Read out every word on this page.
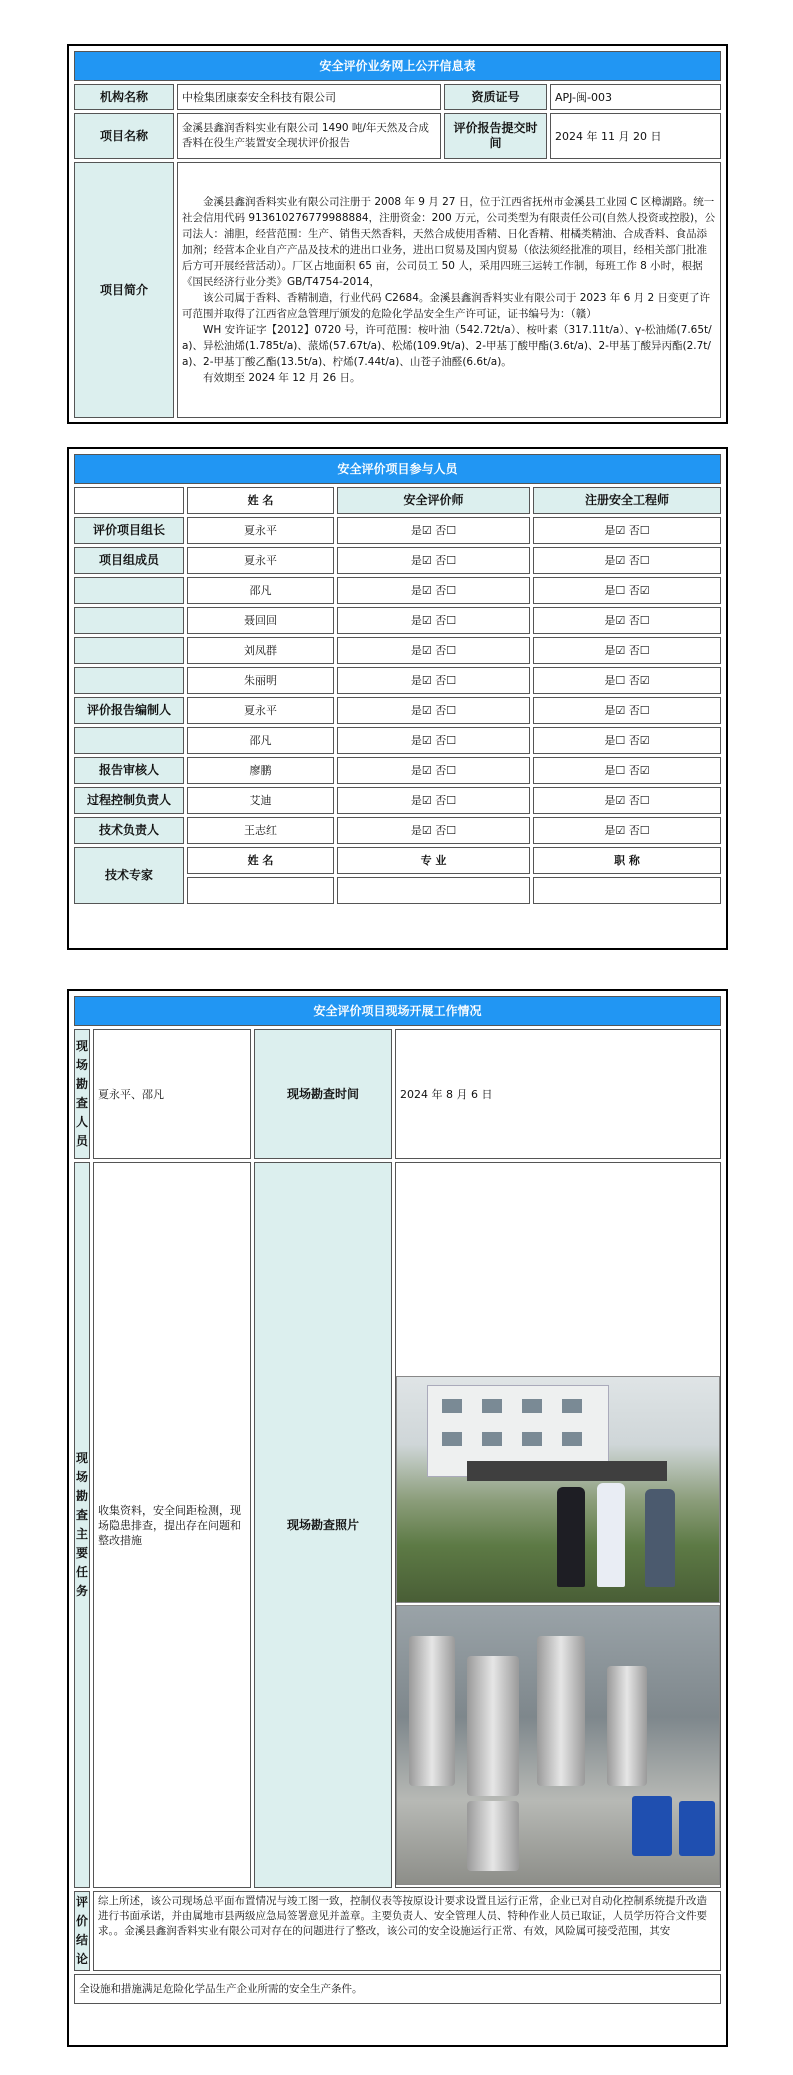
安全评价业务网上公开信息表			
机构名称	中检集团康泰安全科技有限公司	资质证号	APJ-闽-003
项目名称	金溪县鑫润香料实业有限公司 1490 吨/年天然及合成香料在役生产装置安全现状评价报告	评价报告提交时间	2024 年 11 月 20 日
项目简介	金溪县鑫润香料实业有限公司注册于 2008 年 9 月 27 日，位于江西省抚州市金溪县工业园 C 区樟湖路。统一社会信用代码 913610276779988884，注册资金：200 万元，公司类型为有限责任公司(自然人投资或控股)，公司法人：浦胆，经营范围：生产、销售天然香料，天然合成使用香精、日化香精、柑橘类精油、合成香料、食品添加剂；经营本企业自产产品及技术的进出口业务，进出口贸易及国内贸易（依法须经批准的项目，经相关部门批准后方可开展经营活动）。厂区占地面积 65 亩，公司员工 50 人，采用四班三运转工作制，每班工作 8 小时，根据《国民经济行业分类》GB/T4754-2014，

该公司属于香料、香精制造，行业代码 C2684。金溪县鑫润香料实业有限公司于 2023 年 6 月 2 日变更了许可范围并取得了江西省应急管理厅颁发的危险化学品安全生产许可证，证书编号为：（赣）

WH 安许证字【2012】0720 号，许可范围：桉叶油（542.72t/a）、桉叶素（317.11t/a）、γ-松油烯(7.65t/a)、异松油烯(1.785t/a)、蒎烯(57.67t/a)、松烯(109.9t/a)、2-甲基丁酸甲酯(3.6t/a)、2-甲基丁酸异丙酯(2.7t/a)、2-甲基丁酸乙酯(13.5t/a)、柠烯(7.44t/a)、山苍子油醛(6.6t/a)。

有效期至 2024 年 12 月 26 日。		

安全评价项目参与人员			
	姓 名	安全评价师	注册安全工程师
评价项目组长	夏永平	是☑ 否☐	是☑ 否☐
项目组成员	夏永平	是☑ 否☐	是☑ 否☐
	邵凡	是☑ 否☐	是☐ 否☑
	聂回回	是☑ 否☐	是☑ 否☐
	刘凤群	是☑ 否☐	是☑ 否☐
	朱丽明	是☑ 否☐	是☐ 否☑
评价报告编制人	夏永平	是☑ 否☐	是☑ 否☐
	邵凡	是☑ 否☐	是☐ 否☑
报告审核人	廖鹏	是☑ 否☐	是☐ 否☑
过程控制负责人	艾迪	是☑ 否☐	是☑ 否☐
技术负责人	王志红	是☑ 否☐	是☑ 否☐
技术专家	姓 名	专 业	职 称

安全评价项目现场开展工作情况			

现场勘查人员	夏永平、邵凡	现场勘查时间	2024 年 8 月 6 日

现场勘查主要任务	收集资料，安全间距检测，现场隐患排查，提出存在问题和整改措施	现场勘查照片	

评价结论	综上所述，该公司现场总平面布置情况与竣工图一致，控制仪表等按原设计要求设置且运行正常，企业已对自动化控制系统提升改造进行书面承诺，并由属地市县两级应急局签署意见并盖章。主要负责人、安全管理人员、特种作业人员已取证，人员学历符合文件要求。。金溪县鑫润香料实业有限公司对存在的问题进行了整改，该公司的安全设施运行正常、有效，风险属可接受范围，其安		
全设施和措施满足危险化学品生产企业所需的安全生产条件。			
